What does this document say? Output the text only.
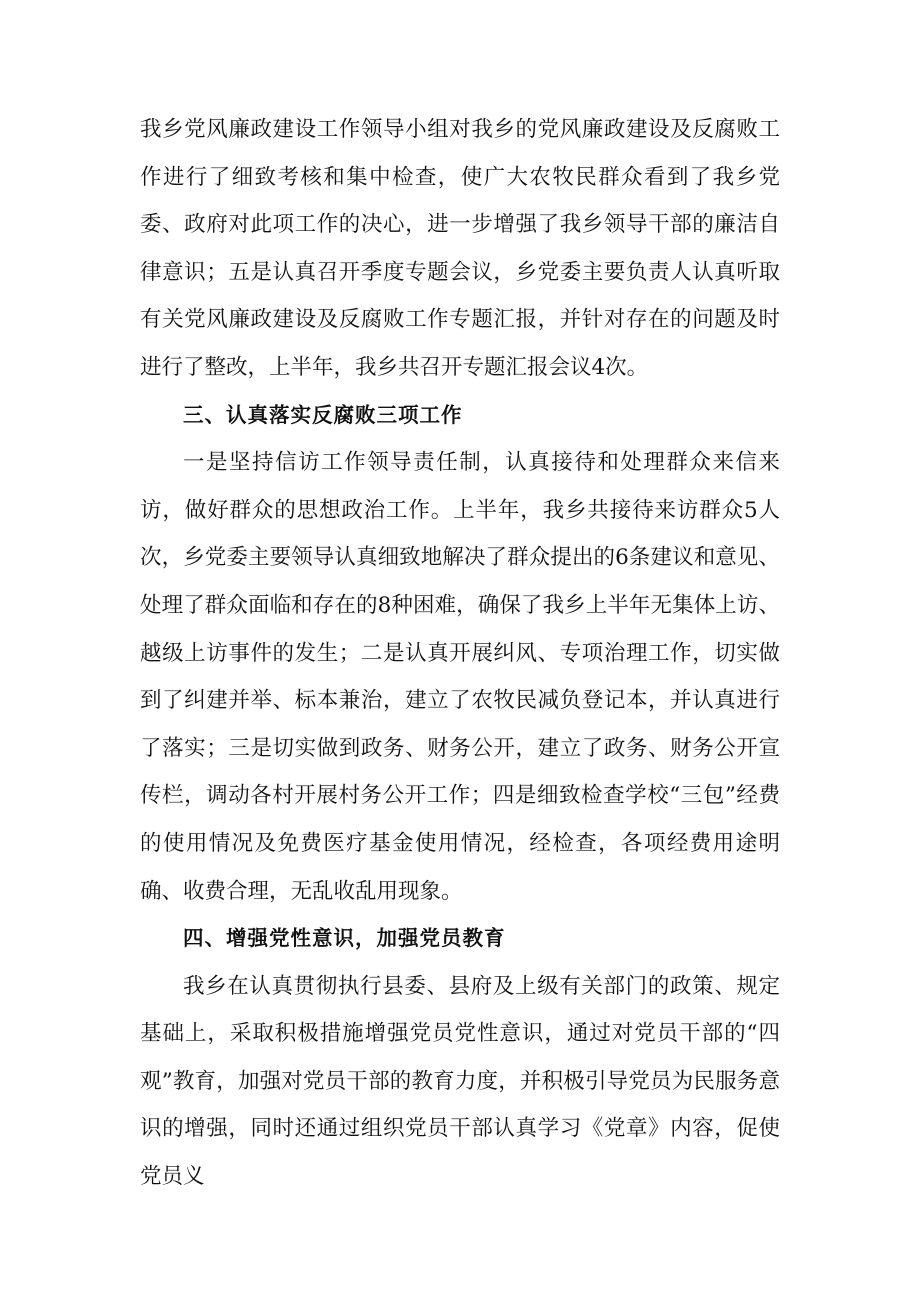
我乡党风廉政建设工作领导小组对我乡的党风廉政建设及反腐败工作进行了细致考核和集中检查，使广大农牧民群众看到了我乡党委、政府对此项工作的决心，进一步增强了我乡领导干部的廉洁自律意识；五是认真召开季度专题会议，乡党委主要负责人认真听取有关党风廉政建设及反腐败工作专题汇报，并针对存在的问题及时进行了整改，上半年，我乡共召开专题汇报会议4次。

三、认真落实反腐败三项工作

一是坚持信访工作领导责任制，认真接待和处理群众来信来访，做好群众的思想政治工作。上半年，我乡共接待来访群众5人次，乡党委主要领导认真细致地解决了群众提出的6条建议和意见、处理了群众面临和存在的8种困难，确保了我乡上半年无集体上访、越级上访事件的发生；二是认真开展纠风、专项治理工作，切实做到了纠建并举、标本兼治，建立了农牧民减负登记本，并认真进行了落实；三是切实做到政务、财务公开，建立了政务、财务公开宣传栏，调动各村开展村务公开工作；四是细致检查学校“三包”经费的使用情况及免费医疗基金使用情况，经检查，各项经费用途明确、收费合理，无乱收乱用现象。

四、增强党性意识，加强党员教育

我乡在认真贯彻执行县委、县府及上级有关部门的政策、规定基础上，采取积极措施增强党员党性意识，通过对党员干部的“四观”教育，加强对党员干部的教育力度，并积极引导党员为民服务意识的增强，同时还通过组织党员干部认真学习《党章》内容，促使党员义
